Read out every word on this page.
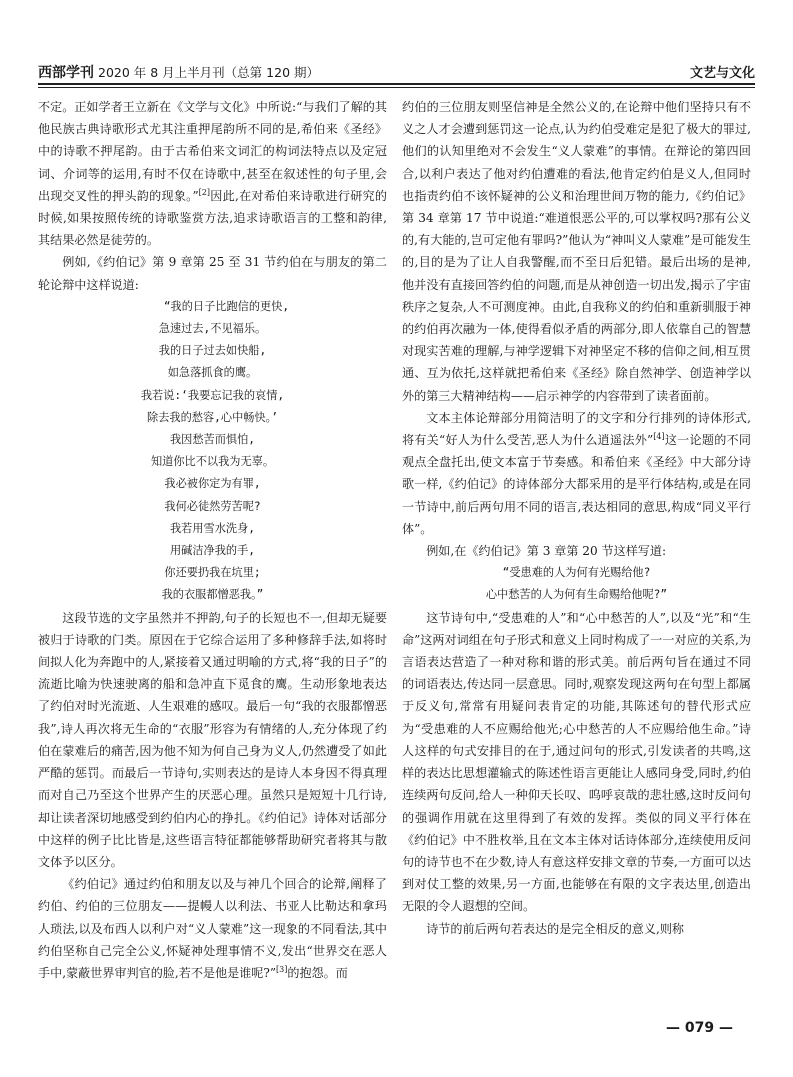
西部学刊 2020 年 8 月上半月刊（总第 120 期）	文艺与文化

不定。正如学者王立新在《文学与文化》中所说:“与我们了解的其他民族古典诗歌形式尤其注重押尾韵所不同的是,希伯来《圣经》中的诗歌不押尾韵。由于古希伯来文词汇的构词法特点以及定冠词、介词等的运用,有时不仅在诗歌中,甚至在叙述性的句子里,会出现交叉性的押头韵的现象。”[2]因此,在对希伯来诗歌进行研究的时候,如果按照传统的诗歌鉴赏方法,追求诗歌语言的工整和韵律,其结果必然是徒劳的。

例如,《约伯记》第 9 章第 25 至 31 节约伯在与朋友的第二轮论辩中这样说道:

“我的日子比跑信的更快,
急速过去,不见福乐。
我的日子过去如快船,
如急落抓食的鹰。
我若说:‘我要忘记我的哀情,
除去我的愁容,心中畅快。’
我因愁苦而惧怕,
知道你比不以我为无辜。
我必被你定为有罪,
我何必徒然劳苦呢?
我若用雪水洗身,
用碱洁净我的手,
你还要扔我在坑里;
我的衣服都憎恶我。”

这段节选的文字虽然并不押韵,句子的长短也不一,但却无疑要被归于诗歌的门类。原因在于它综合运用了多种修辞手法,如将时间拟人化为奔跑中的人,紧接着又通过明喻的方式,将“我的日子”的流逝比喻为快速驶离的船和急冲直下觅食的鹰。生动形象地表达了约伯对时光流逝、人生艰难的感叹。最后一句“我的衣服都憎恶我”,诗人再次将无生命的“衣服”形容为有情绪的人,充分体现了约伯在蒙难后的痛苦,因为他不知为何自己身为义人,仍然遭受了如此严酷的惩罚。而最后一节诗句,实则表达的是诗人本身因不得真理而对自己乃至这个世界产生的厌恶心理。虽然只是短短十几行诗,却让读者深切地感受到约伯内心的挣扎。《约伯记》诗体对话部分中这样的例子比比皆是,这些语言特征都能够帮助研究者将其与散文体予以区分。

《约伯记》通过约伯和朋友以及与神几个回合的论辩,阐释了约伯、约伯的三位朋友——提幔人以利法、书亚人比勒达和拿玛人琐法,以及布西人以利户对“义人蒙难”这一现象的不同看法,其中约伯坚称自己完全公义,怀疑神处理事情不义,发出“世界交在恶人手中,蒙蔽世界审判官的脸,若不是他是谁呢?”[3]的抱怨。而

约伯的三位朋友则坚信神是全然公义的,在论辩中他们坚持只有不义之人才会遭到惩罚这一论点,认为约伯受难定是犯了极大的罪过,他们的认知里绝对不会发生“义人蒙难”的事情。在辩论的第四回合,以利户表达了他对约伯遭难的看法,他肯定约伯是义人,但同时也指责约伯不该怀疑神的公义和治理世间万物的能力,《约伯记》第 34 章第 17 节中说道:“难道恨恶公平的,可以掌权吗?那有公义的,有大能的,岂可定他有罪吗?”他认为“神叫义人蒙难”是可能发生的,目的是为了让人自我警醒,而不至日后犯错。最后出场的是神,他并没有直接回答约伯的问题,而是从神创造一切出发,揭示了宇宙秩序之复杂,人不可测度神。由此,自我称义的约伯和重新驯服于神的约伯再次融为一体,使得看似矛盾的两部分,即人依靠自己的智慧对现实苦难的理解,与神学逻辑下对神坚定不移的信仰之间,相互贯通、互为依托,这样就把希伯来《圣经》除自然神学、创造神学以外的第三大精神结构——启示神学的内容带到了读者面前。

文本主体论辩部分用简洁明了的文字和分行排列的诗体形式,将有关“好人为什么受苦,恶人为什么逍遥法外”[4]这一论题的不同观点全盘托出,使文本富于节奏感。和希伯来《圣经》中大部分诗歌一样,《约伯记》的诗体部分大都采用的是平行体结构,或是在同一节诗中,前后两句用不同的语言,表达相同的意思,构成“同义平行体”。

例如,在《约伯记》第 3 章第 20 节这样写道:

“受患难的人为何有光赐给他?
心中愁苦的人为何有生命赐给他呢?”

这节诗句中,“受患难的人”和“心中愁苦的人”,以及“光”和“生命”这两对词组在句子形式和意义上同时构成了一一对应的关系,为言语表达营造了一种对称和谐的形式美。前后两句旨在通过不同的词语表达,传达同一层意思。同时,观察发现这两句在句型上都属于反义句,常常有用疑问表肯定的功能,其陈述句的替代形式应为“受患难的人不应赐给他光;心中愁苦的人不应赐给他生命。”诗人这样的句式安排目的在于,通过问句的形式,引发读者的共鸣,这样的表达比思想灌输式的陈述性语言更能让人感同身受,同时,约伯连续两句反问,给人一种仰天长叹、呜呼哀哉的悲壮感,这时反问句的强调作用就在这里得到了有效的发挥。类似的同义平行体在《约伯记》中不胜枚举,且在文本主体对话诗体部分,连续使用反问句的诗节也不在少数,诗人有意这样安排文章的节奏,一方面可以达到对仗工整的效果,另一方面,也能够在有限的文字表达里,创造出无限的令人遐想的空间。

诗节的前后两句若表达的是完全相反的意义,则称

— 079 —
